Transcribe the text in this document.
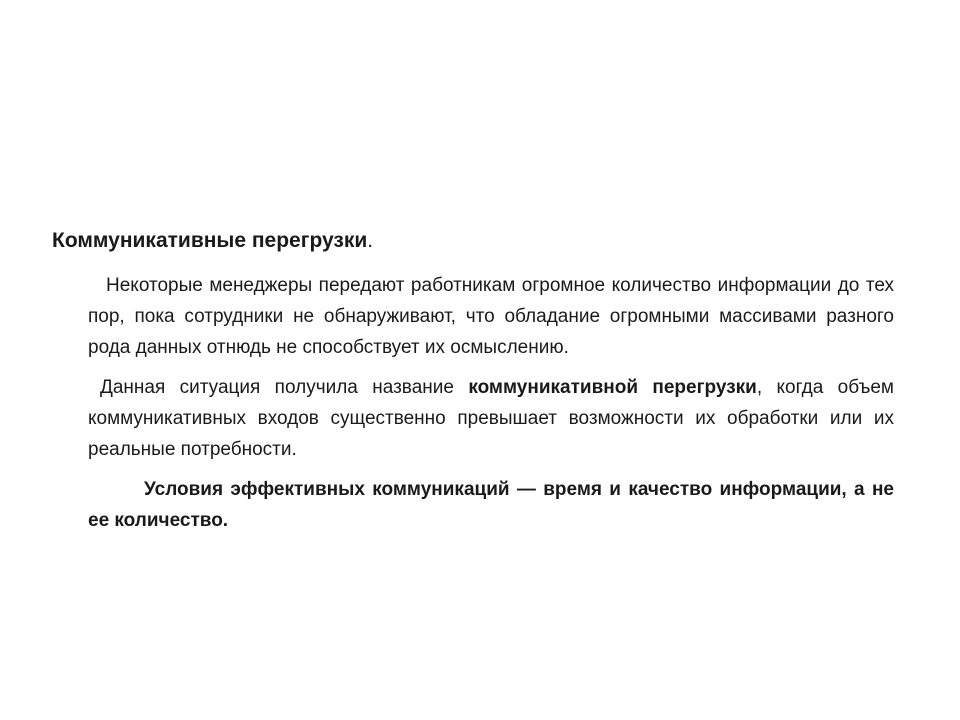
Коммуникативные перегрузки.

Некоторые менеджеры передают работникам огромное количество информации до тех пор, пока сотрудники не обнаруживают, что обладание огромными массивами разного рода данных отнюдь не способствует их осмыслению.

Данная ситуация получила название коммуникативной перегрузки, когда объем коммуникативных входов существенно превышает возможности их обработки или их реальные потребности.

Условия эффективных коммуникаций — время и качество информации, а не ее количество.
